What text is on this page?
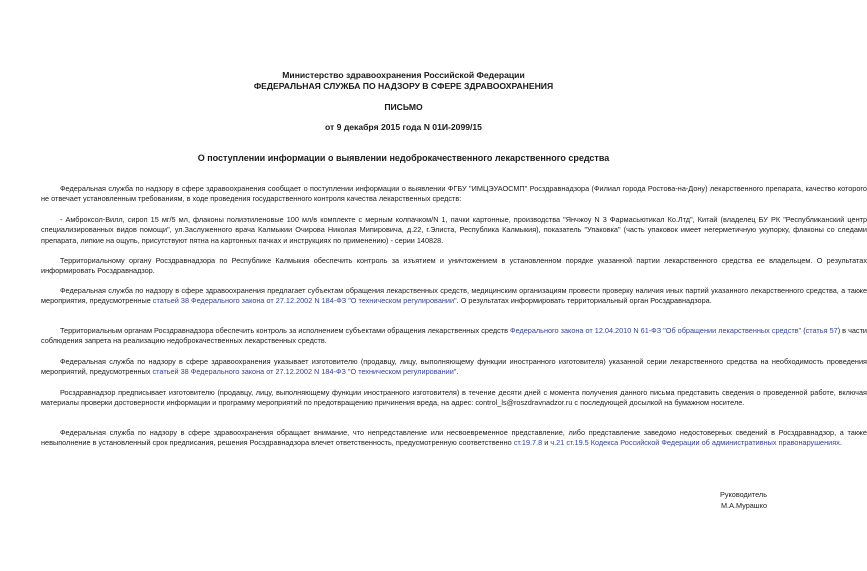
Министерство здравоохранения Российской Федерации
ФЕДЕРАЛЬНАЯ СЛУЖБА ПО НАДЗОРУ В СФЕРЕ ЗДРАВООХРАНЕНИЯ
ПИСЬМО
от 9 декабря 2015 года N 01И-2099/15
О поступлении информации о выявлении недоброкачественного лекарственного средства
Федеральная служба по надзору в сфере здравоохранения сообщает о поступлении информации о выявлении ФГБУ "ИМЦЭУАОСМП" Росздравнадзора (Филиал города Ростова-на-Дону) лекарственного препарата, качество которого не отвечает установленным требованиям, в ходе проведения государственного контроля качества лекарственных средств:
- Амброксол-Вилл, сироп 15 мг/5 мл, флаконы полиэтиленовые 100 мл/в комплекте с мерным колпачком/N 1, пачки картонные, производства "Янчжоу N 3 Фармасьютикал Ко.Лтд", Китай (владелец БУ РК "Республиканский центр специализированных видов помощи", ул.Заслуженного врача Калмыкии Очирова Николая Мипировича, д.22, г.Элиста, Республика Калмыкия), показатель "Упаковка" (часть упаковок имеет негерметичную укупорку, флаконы со следами препарата, липкие на ощупь, присутствуют пятна на картонных пачках и инструкциях по применению) - серии 140828.
Территориальному органу Росздравнадзора по Республике Калмыкия обеспечить контроль за изъятием и уничтожением в установленном порядке указанной партии лекарственного средства ее владельцем. О результатах информировать Росздравнадзор.
Федеральная служба по надзору в сфере здравоохранения предлагает субъектам обращения лекарственных средств, медицинским организациям провести проверку наличия иных партий указанного лекарственного средства, а также мероприятия, предусмотренные статьей 38 Федерального закона от 27.12.2002 N 184-ФЗ "О техническом регулировании". О результатах информировать территориальный орган Росздравнадзора.
Территориальным органам Росздравнадзора обеспечить контроль за исполнением субъектами обращения лекарственных средств Федерального закона от 12.04.2010 N 61-ФЗ "Об обращении лекарственных средств" (статья 57) в части соблюдения запрета на реализацию недоброкачественных лекарственных средств.
Федеральная служба по надзору в сфере здравоохранения указывает изготовителю (продавцу, лицу, выполняющему функции иностранного изготовителя) указанной серии лекарственного средства на необходимость проведения мероприятий, предусмотренных статьей 38 Федерального закона от 27.12.2002 N 184-ФЗ "О техническом регулировании".
Росздравнадзор предписывает изготовителю (продавцу, лицу, выполняющему функции иностранного изготовителя) в течение десяти дней с момента получения данного письма представить сведения о проведенной работе, включая материалы проверки достоверности информации и программу мероприятий по предотвращению причинения вреда, на адрес: control_ls@roszdravnadzor.ru с последующей досылкой на бумажном носителе.
Федеральная служба по надзору в сфере здравоохранения обращает внимание, что непредставление или несвоевременное представление, либо представление заведомо недостоверных сведений в Росздравнадзор, а также невыполнение в установленный срок предписания, решения Росздравнадзора влечет ответственность, предусмотренную соответственно ст.19.7.8 и ч.21 ст.19.5 Кодекса Российской Федерации об административных правонарушениях.
Руководитель
М.А.Мурашко
